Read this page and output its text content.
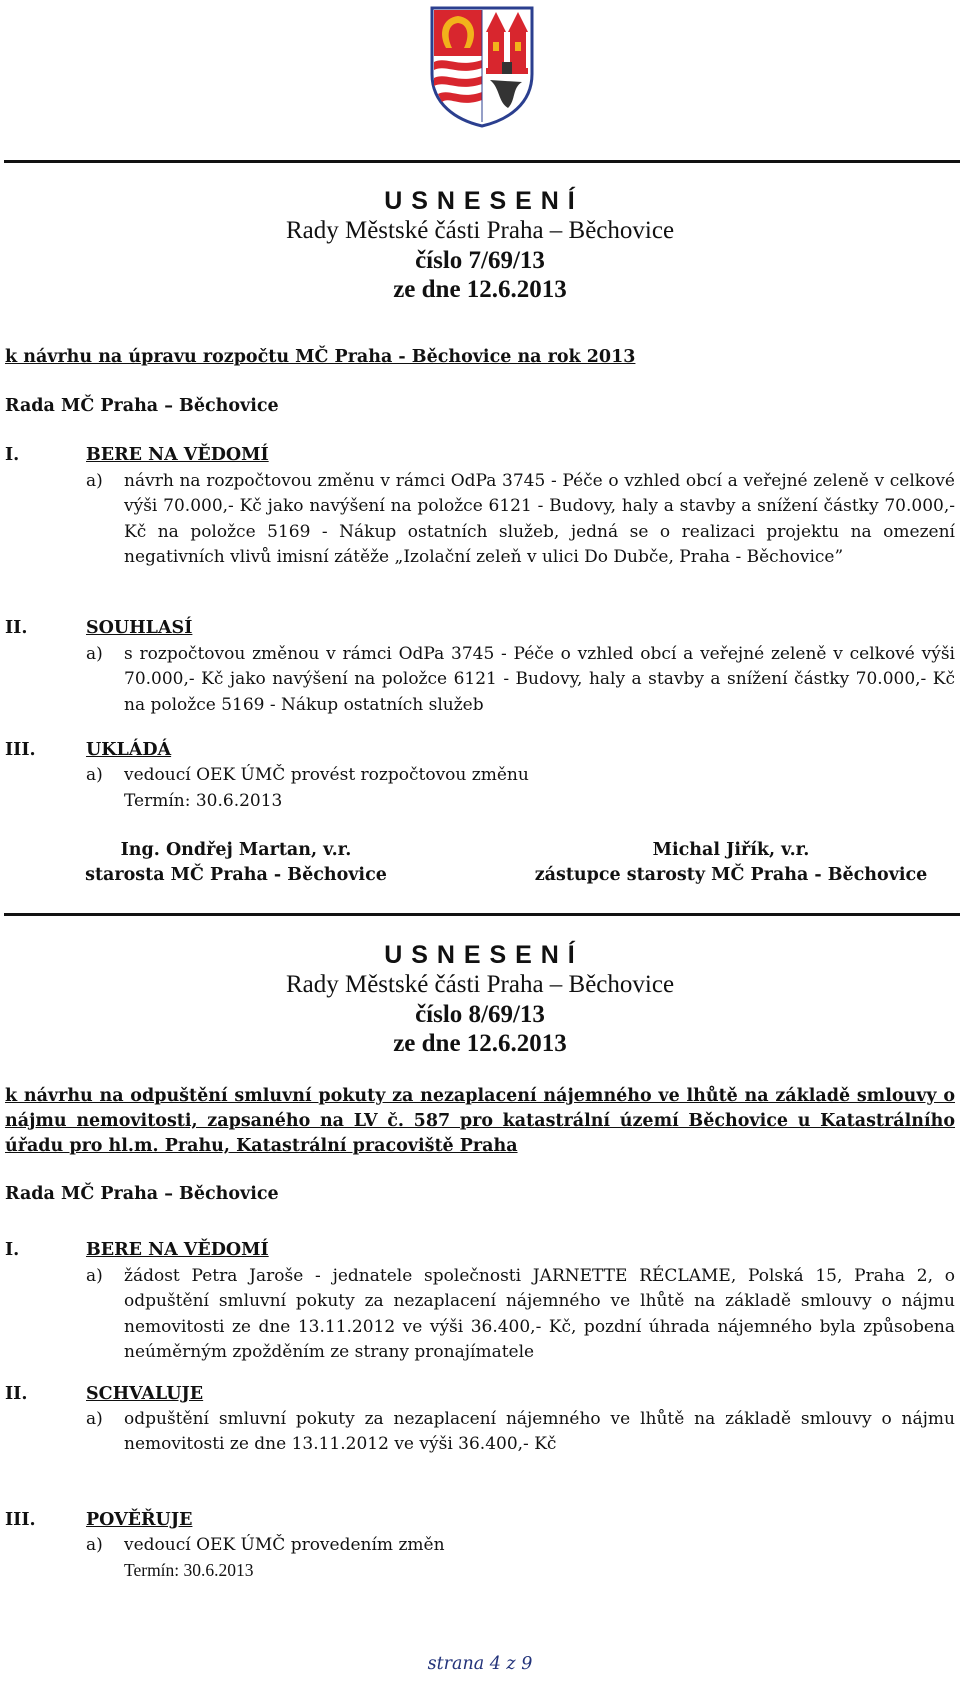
U S N E S E N Í
Rady Městské části Praha – Běchovice
číslo 7/69/13
ze dne 12.6.2013
k návrhu na úpravu rozpočtu MČ Praha - Běchovice na rok 2013
Rada MČ Praha – Běchovice
I.	BERE NA VĚDOMÍ
a) návrh na rozpočtovou změnu v rámci OdPa 3745 - Péče o vzhled obcí a veřejné zeleně v celkové výši 70.000,- Kč jako navýšení na položce 6121 - Budovy, haly a stavby a snížení částky 70.000,- Kč na položce 5169 - Nákup ostatních služeb, jedná se o realizaci projektu na omezení negativních vlivů imisní zátěže „Izolační zeleň v ulici Do Dubče, Praha - Běchovice”
II.	SOUHLASÍ
a) s rozpočtovou změnou v rámci OdPa 3745 - Péče o vzhled obcí a veřejné zeleně v celkové výši 70.000,- Kč jako navýšení na položce 6121 - Budovy, haly a stavby a snížení částky 70.000,- Kč na položce 5169 - Nákup ostatních služeb
III.	UKLÁDÁ
a) vedoucí OEK ÚMČ provést rozpočtovou změnu
Termín: 30.6.2013
Ing. Ondřej Martan, v.r.
starosta MČ Praha - Běchovice
Michal Jiřík, v.r.
zástupce starosty MČ Praha - Běchovice
U S N E S E N Í
Rady Městské části Praha – Běchovice
číslo 8/69/13
ze dne 12.6.2013
k návrhu na odpuštění smluvní pokuty za nezaplacení nájemného ve lhůtě na základě smlouvy o nájmu nemovitosti, zapsaného na LV č. 587 pro katastrální území Běchovice u Katastrálního úřadu pro hl.m. Prahu, Katastrální pracoviště Praha
Rada MČ Praha – Běchovice
I.	BERE NA VĚDOMÍ
a) žádost Petra Jaroše - jednatele společnosti JARNETTE RÉCLAME, Polská 15, Praha 2, o odpuštění smluvní pokuty za nezaplacení nájemného ve lhůtě na základě smlouvy o nájmu nemovitosti ze dne 13.11.2012 ve výši 36.400,- Kč, pozdní úhrada nájemného byla způsobena neúměrným zpožděním ze strany pronajímatele
II.	SCHVALUJE
a) odpuštění smluvní pokuty za nezaplacení nájemného ve lhůtě na základě smlouvy o nájmu nemovitosti ze dne 13.11.2012 ve výši 36.400,- Kč
III.	POVĚŘUJE
a) vedoucí OEK ÚMČ provedením změn
Termín: 30.6.2013
strana 4 z 9
